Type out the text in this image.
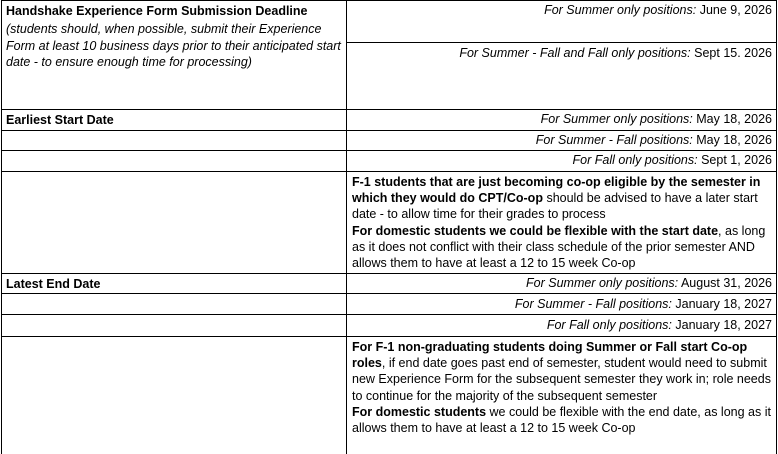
Handshake Experience Form Submission Deadline
(students should, when possible, submit their Experience Form at least 10 business days prior to their anticipated start date - to ensure enough time for processing)
For Summer only positions: June 9, 2026
For Summer - Fall and Fall only positions: Sept 15. 2026
Earliest Start Date	For Summer only positions: May 18, 2026
For Summer - Fall positions: May 18, 2026
For Fall only positions: Sept 1, 2026
F-1 students that are just becoming co-op eligible by the semester in which they would do CPT/Co-op should be advised to have a later start date - to allow time for their grades to process
For domestic students we could be flexible with the start date, as long as it does not conflict with their class schedule of the prior semester AND allows them to have at least a 12 to 15 week Co-op
Latest End Date	For Summer only positions: August 31, 2026
For Summer - Fall positions: January 18, 2027
For Fall only positions: January 18, 2027
For F-1 non-graduating students doing Summer or Fall start Co-op roles, if end date goes past end of semester, student would need to submit new Experience Form for the subsequent semester they work in; role needs to continue for the majority of the subsequent semester
For domestic students we could be flexible with the end date, as long as it allows them to have at least a 12 to 15 week Co-op
